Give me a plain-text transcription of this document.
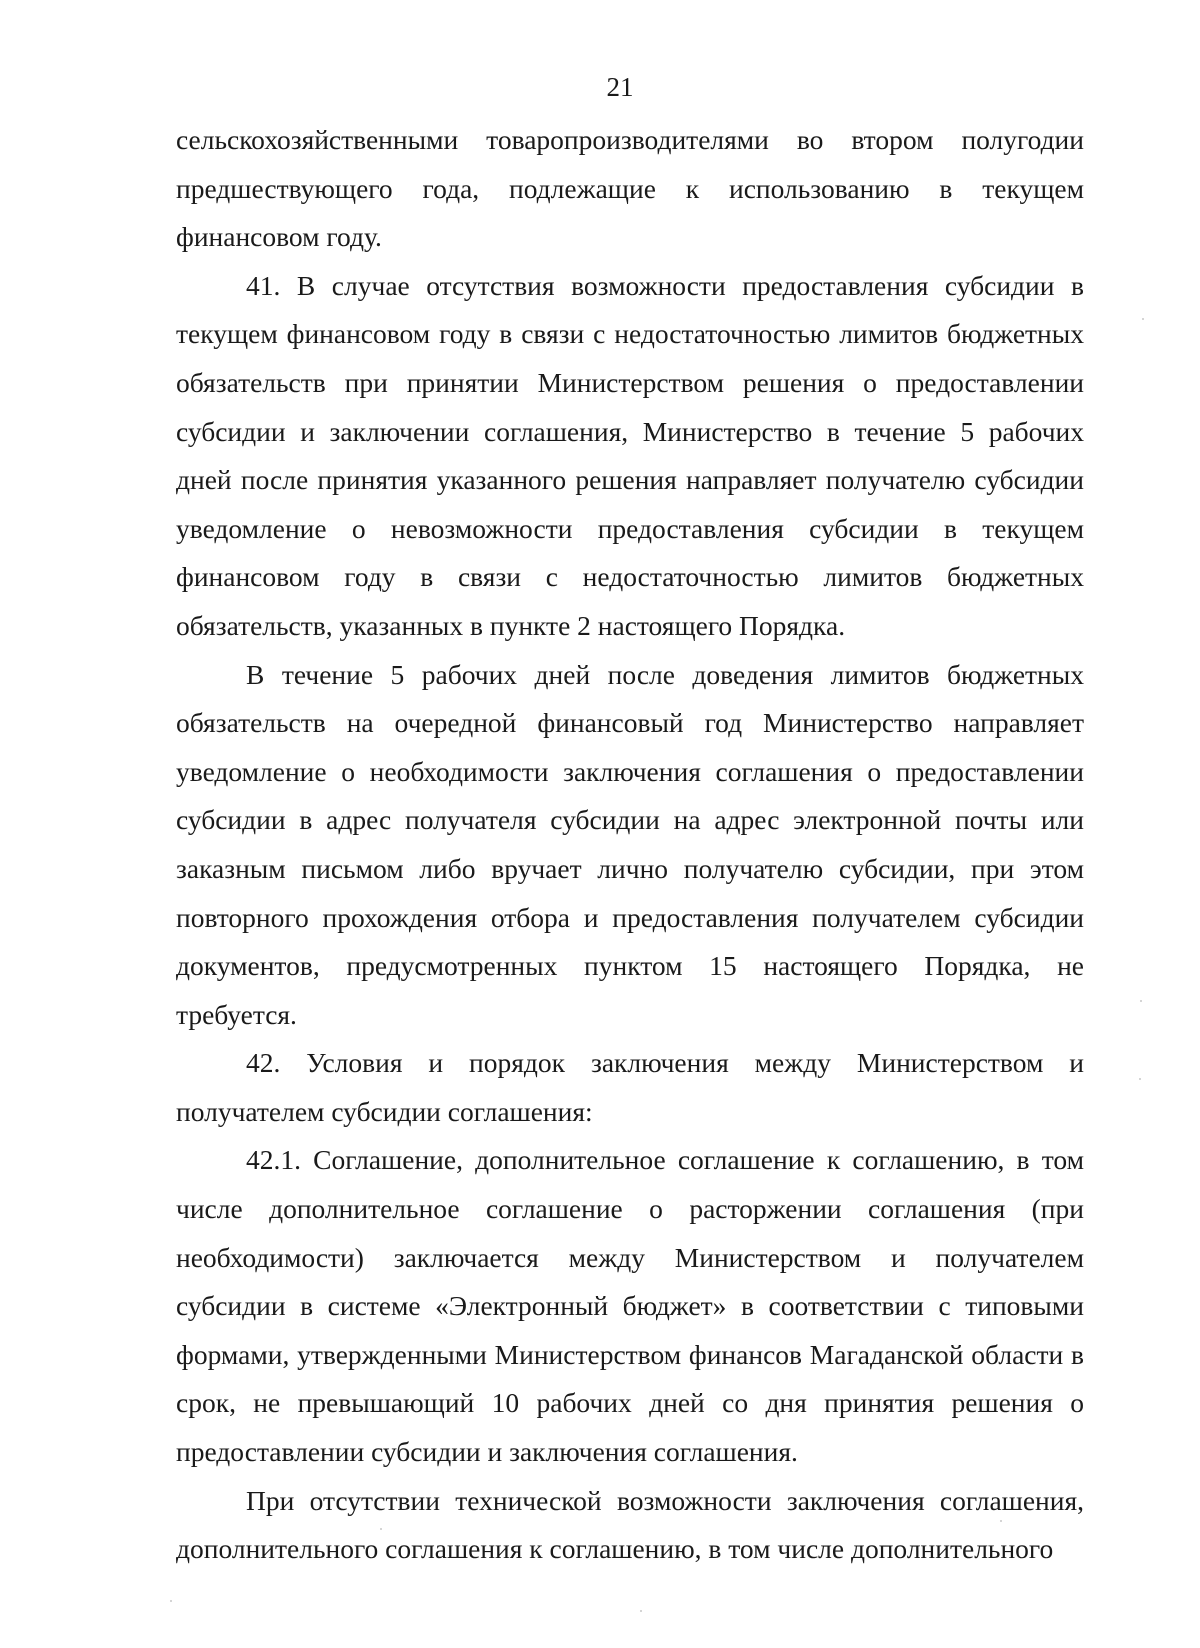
21

сельскохозяйственными товаропроизводителями во втором полугодии предшествующего года, подлежащие к использованию в текущем финансовом году.

41. В случае отсутствия возможности предоставления субсидии в текущем финансовом году в связи с недостаточностью лимитов бюджетных обязательств при принятии Министерством решения о предоставлении субсидии и заключении соглашения, Министерство в течение 5 рабочих дней после принятия указанного решения направляет получателю субсидии уведомление о невозможности предоставления субсидии в текущем финансовом году в связи с недостаточностью лимитов бюджетных обязательств, указанных в пункте 2 настоящего Порядка.

В течение 5 рабочих дней после доведения лимитов бюджетных обязательств на очередной финансовый год Министерство направляет уведомление о необходимости заключения соглашения о предоставлении субсидии в адрес получателя субсидии на адрес электронной почты или заказным письмом либо вручает лично получателю субсидии, при этом повторного прохождения отбора и предоставления получателем субсидии документов, предусмотренных пунктом 15 настоящего Порядка, не требуется.

42. Условия и порядок заключения между Министерством и получателем субсидии соглашения:

42.1. Соглашение, дополнительное соглашение к соглашению, в том числе дополнительное соглашение о расторжении соглашения (при необходимости) заключается между Министерством и получателем субсидии в системе «Электронный бюджет» в соответствии с типовыми формами, утвержденными Министерством финансов Магаданской области в срок, не превышающий 10 рабочих дней со дня принятия решения о предоставлении субсидии и заключения соглашения.

При отсутствии технической возможности заключения соглашения, дополнительного соглашения к соглашению, в том числе дополнительного
